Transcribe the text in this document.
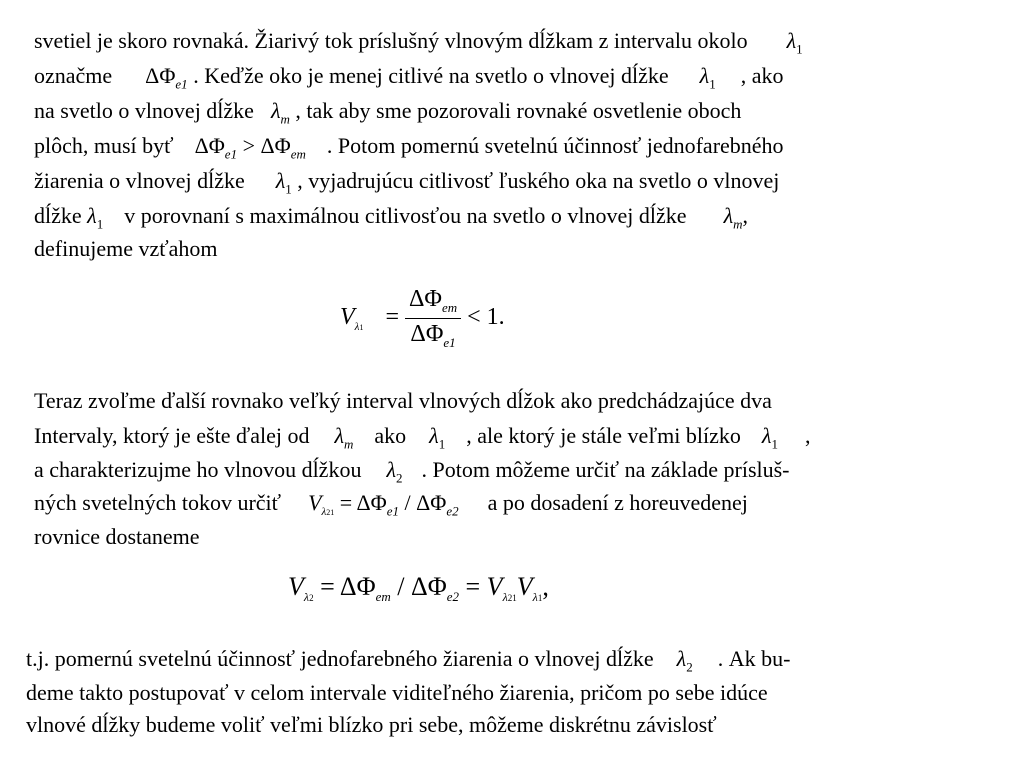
svetiel je skoro rovnaká. Žiarivý tok príslušný vlnovým dĺžkam z intervalu okolo $\lambda_1$
označme $\Delta\Phi_{e1}$ . Keďže oko je menej citlivé na svetlo o vlnovej dĺžke $\lambda_1$ , ako
na svetlo o vlnovej dĺžke $\lambda_m$ , tak aby sme pozorovali rovnaké osvetlenie oboch
plôch, musí byť $\Delta\Phi_{e1} > \Delta\Phi_{em}$ . Potom pomernú svetelnú účinnosť jednofarebného
žiarenia o vlnovej dĺžke $\lambda_1$ , vyjadrujúcu citlivosť ľuského oka na svetlo o vlnovej
dĺžke $\lambda_1$ v porovnaní s maximálnou citlivosťou na svetlo o vlnovej dĺžke $\lambda_m$,
definujeme vzťahom
$V_{\lambda 1} = \frac{\Delta\Phi_{em}}{\Delta\Phi_{e1}} < 1$.
Teraz zvoľme ďalší rovnako veľký interval vlnových dĺžok ako predchádzajúce dva
Intervaly, ktorý je ešte ďalej od $\lambda_m$ ako $\lambda_1$ , ale ktorý je stále veľmi blízko $\lambda_1$ ,
a charakterizujme ho vlnovou dĺžkou $\lambda_2$ . Potom môžeme určiť na základe prísluš-
ných svetelných tokov určiť $V_{\lambda 21} = \Delta\Phi_{e1} / \Delta\Phi_{e2}$ a po dosadení z horeuvedenej
rovnice dostaneme
$V_{\lambda 2} = \Delta\Phi_{em} / \Delta\Phi_{e2} = V_{\lambda 21}V_{\lambda 1}$,
t.j. pomernú svetelnú účinnosť jednofarebného žiarenia o vlnovej dĺžke $\lambda_2$ . Ak bu-
deme takto postupovať v celom intervale viditeľného žiarenia, pričom po sebe idúce
vlnové dĺžky budeme voliť veľmi blízko pri sebe, môžeme diskrétnu závislosť
